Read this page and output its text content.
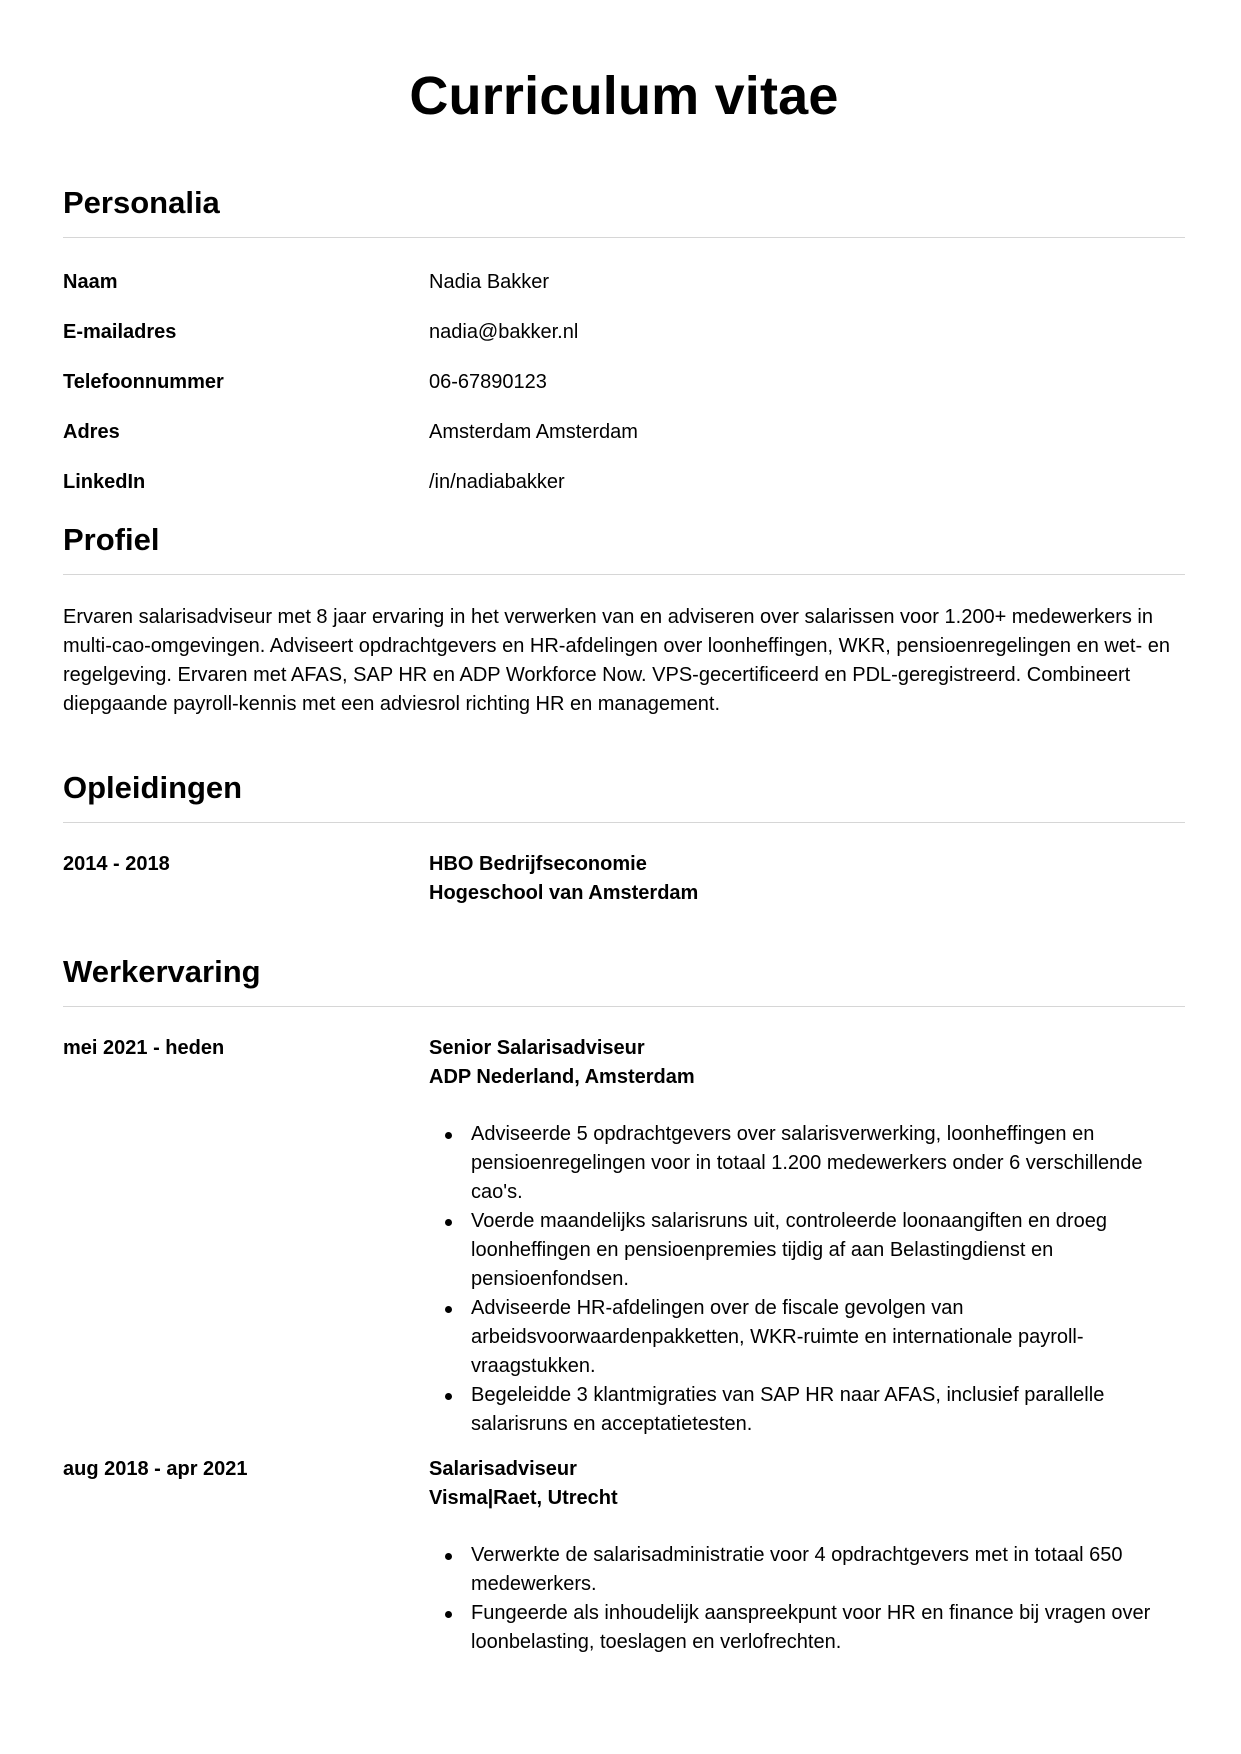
Curriculum vitae
Personalia
Naam	Nadia Bakker
E-mailadres	nadia@bakker.nl
Telefoonnummer	06-67890123
Adres	Amsterdam Amsterdam
LinkedIn	/in/nadiabakker
Profiel

Ervaren salarisadviseur met 8 jaar ervaring in het verwerken van en adviseren over salarissen voor 1.200+ medewerkers in multi-cao-omgevingen. Adviseert opdrachtgevers en HR-afdelingen over loonheffingen, WKR, pensioenregelingen en wet- en regelgeving. Ervaren met AFAS, SAP HR en ADP Workforce Now. VPS-gecertificeerd en PDL-geregistreerd. Combineert diepgaande payroll-kennis met een adviesrol richting HR en management.

Opleidingen
2014 - 2018	HBO Bedrijfseconomie
Hogeschool van Amsterdam
Werkervaring
mei 2021 - heden	Senior Salarisadviseur
ADP Nederland, Amsterdam
Adviseerde 5 opdrachtgevers over salarisverwerking, loonheffingen en pensioenregelingen voor in totaal 1.200 medewerkers onder 6 verschillende cao's.
Voerde maandelijks salarisruns uit, controleerde loonaangiften en droeg loonheffingen en pensioenpremies tijdig af aan Belastingdienst en pensioenfondsen.
Adviseerde HR-afdelingen over de fiscale gevolgen van arbeidsvoorwaardenpakketten, WKR-ruimte en internationale payroll-vraagstukken.
Begeleidde 3 klantmigraties van SAP HR naar AFAS, inclusief parallelle salarisruns en acceptatietesten.
aug 2018 - apr 2021	Salarisadviseur
Visma|Raet, Utrecht
Verwerkte de salarisadministratie voor 4 opdrachtgevers met in totaal 650 medewerkers.
Fungeerde als inhoudelijk aanspreekpunt voor HR en finance bij vragen over loonbelasting, toeslagen en verlofrechten.
